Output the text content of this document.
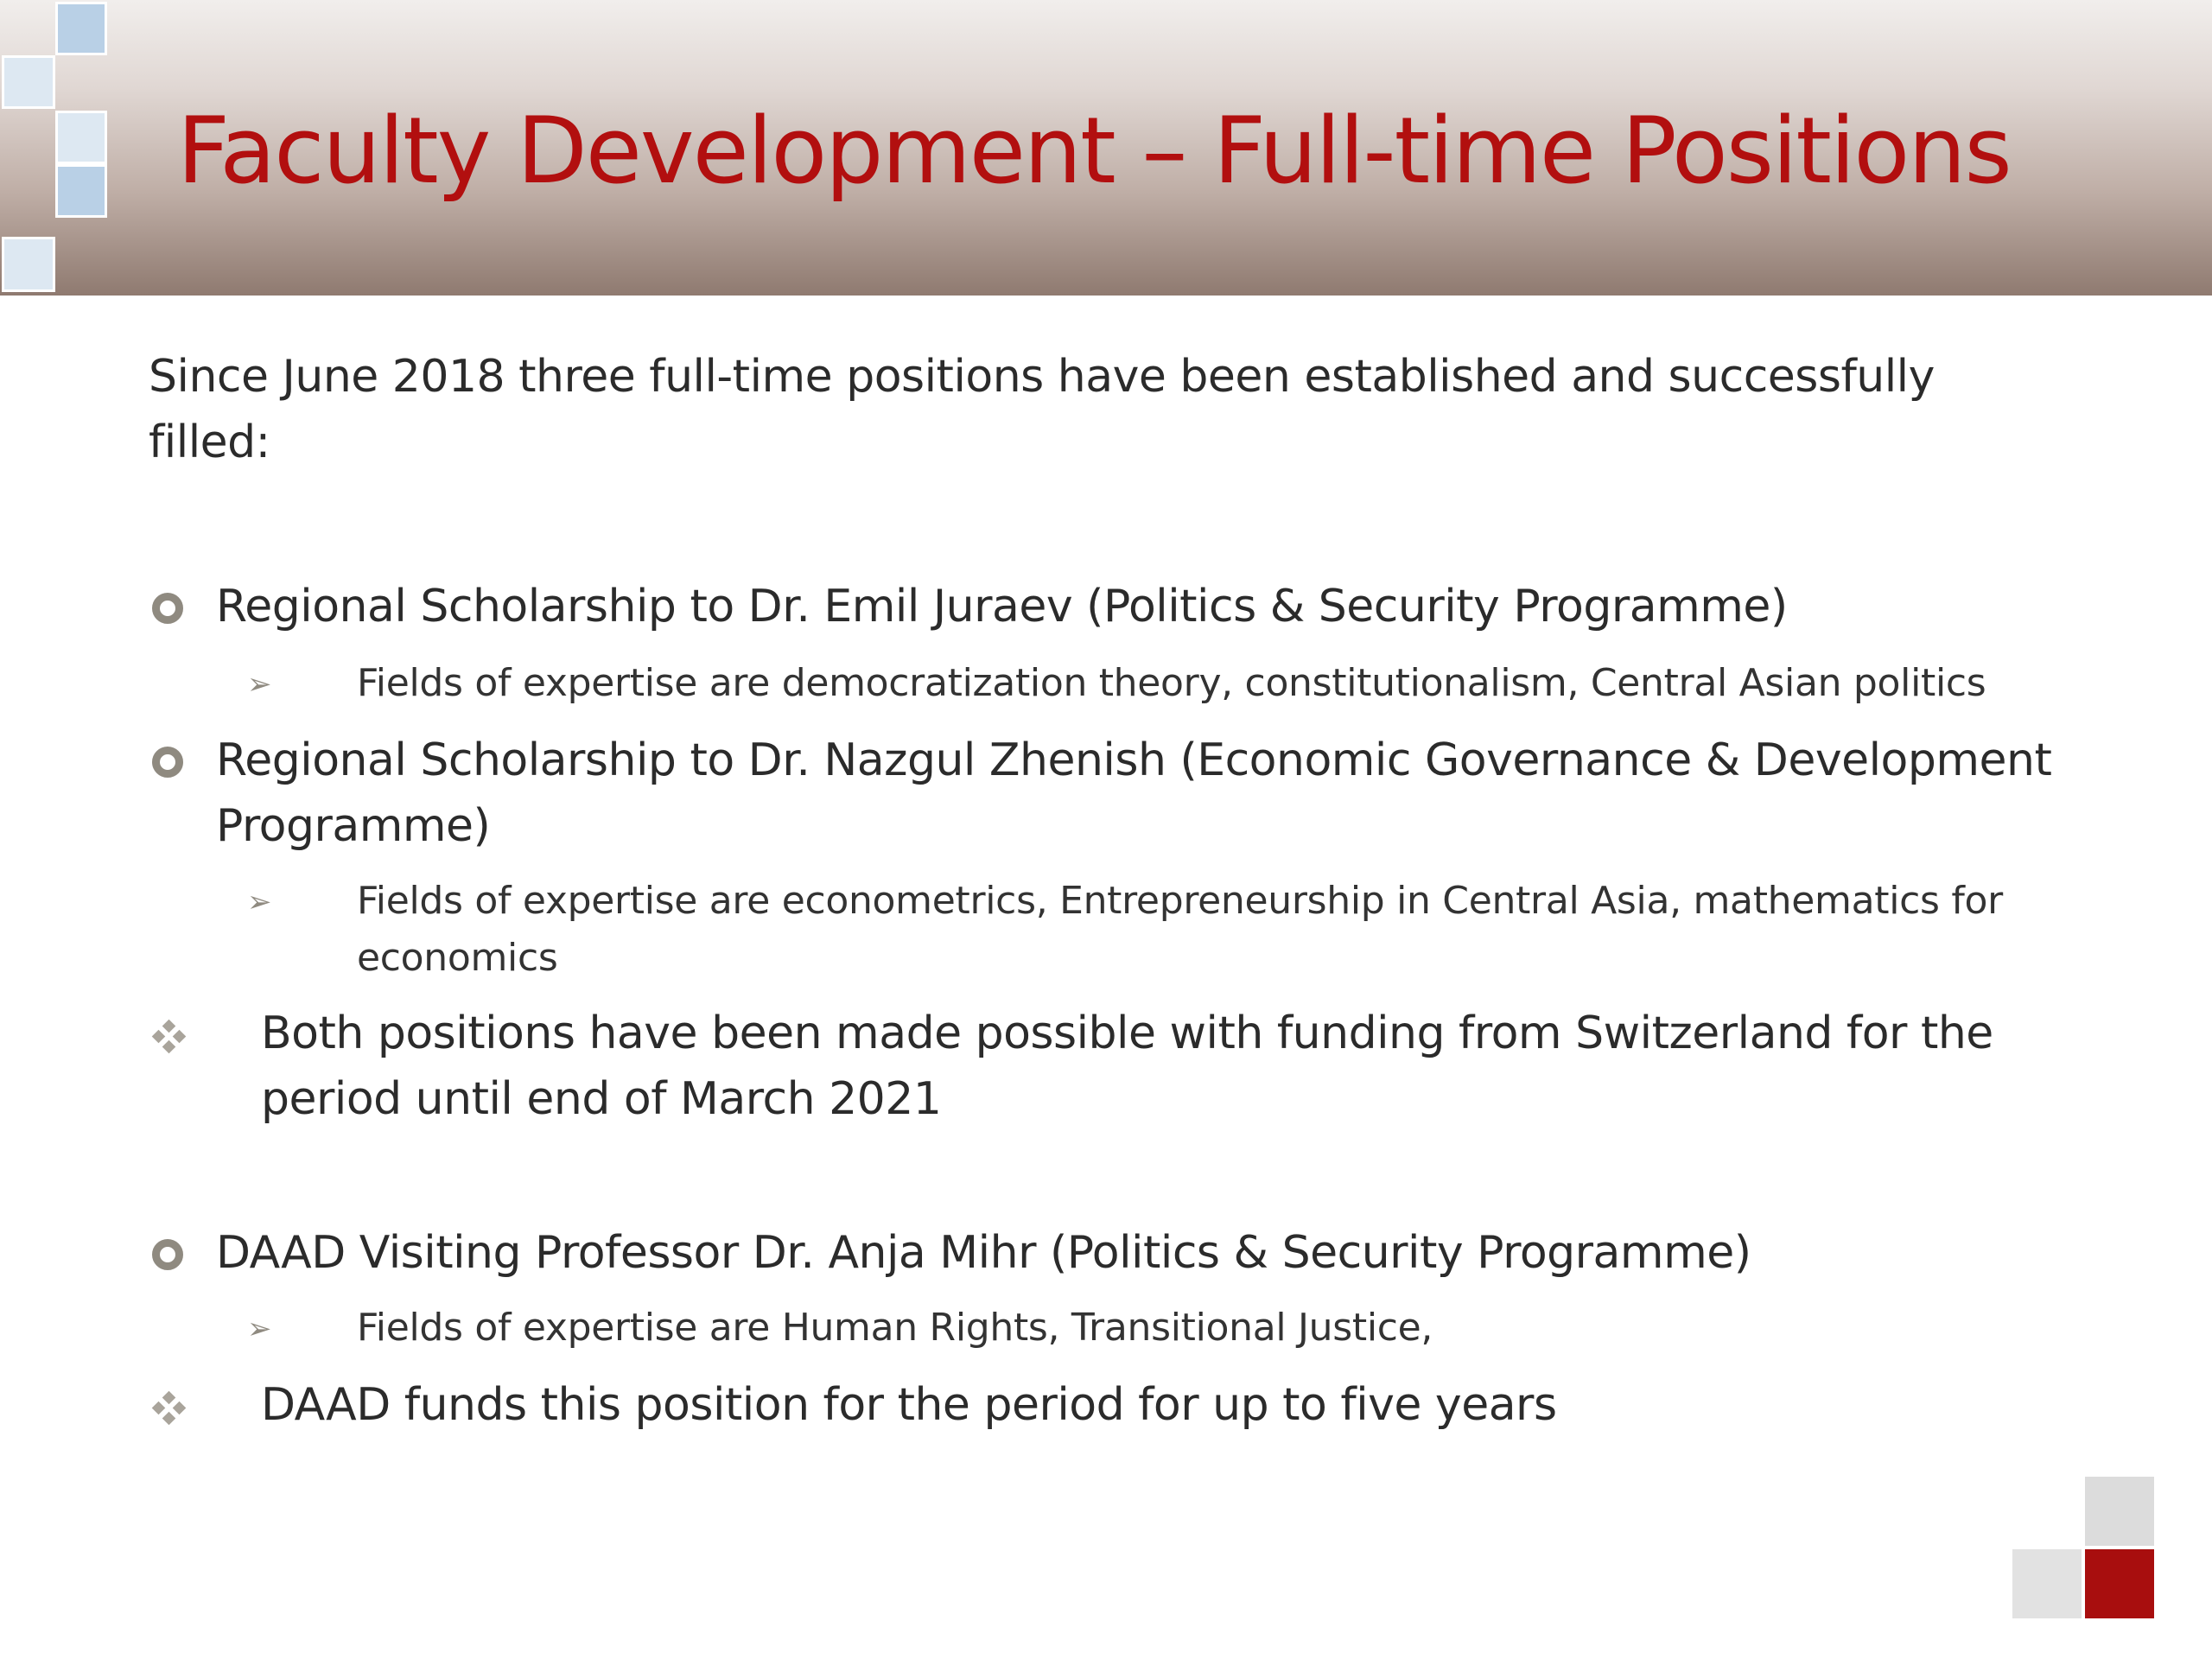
Faculty Development – Full-time Positions

Since June 2018 three full-time positions have been established and successfully filled:

Regional Scholarship to Dr. Emil Juraev (Politics & Security Programme)

➢ Fields of expertise are democratization theory, constitutionalism, Central Asian politics

Regional Scholarship to Dr. Nazgul Zhenish (Economic Governance & Development

Programme)

➢ Fields of expertise are econometrics, Entrepreneurship in Central Asia, mathematics for

economics

Both positions have been made possible with funding from Switzerland for the

period until end of March 2021

DAAD Visiting Professor Dr. Anja Mihr (Politics & Security Programme)

➢ Fields of expertise are Human Rights, Transitional Justice,

DAAD funds this position for the period for up to five years
